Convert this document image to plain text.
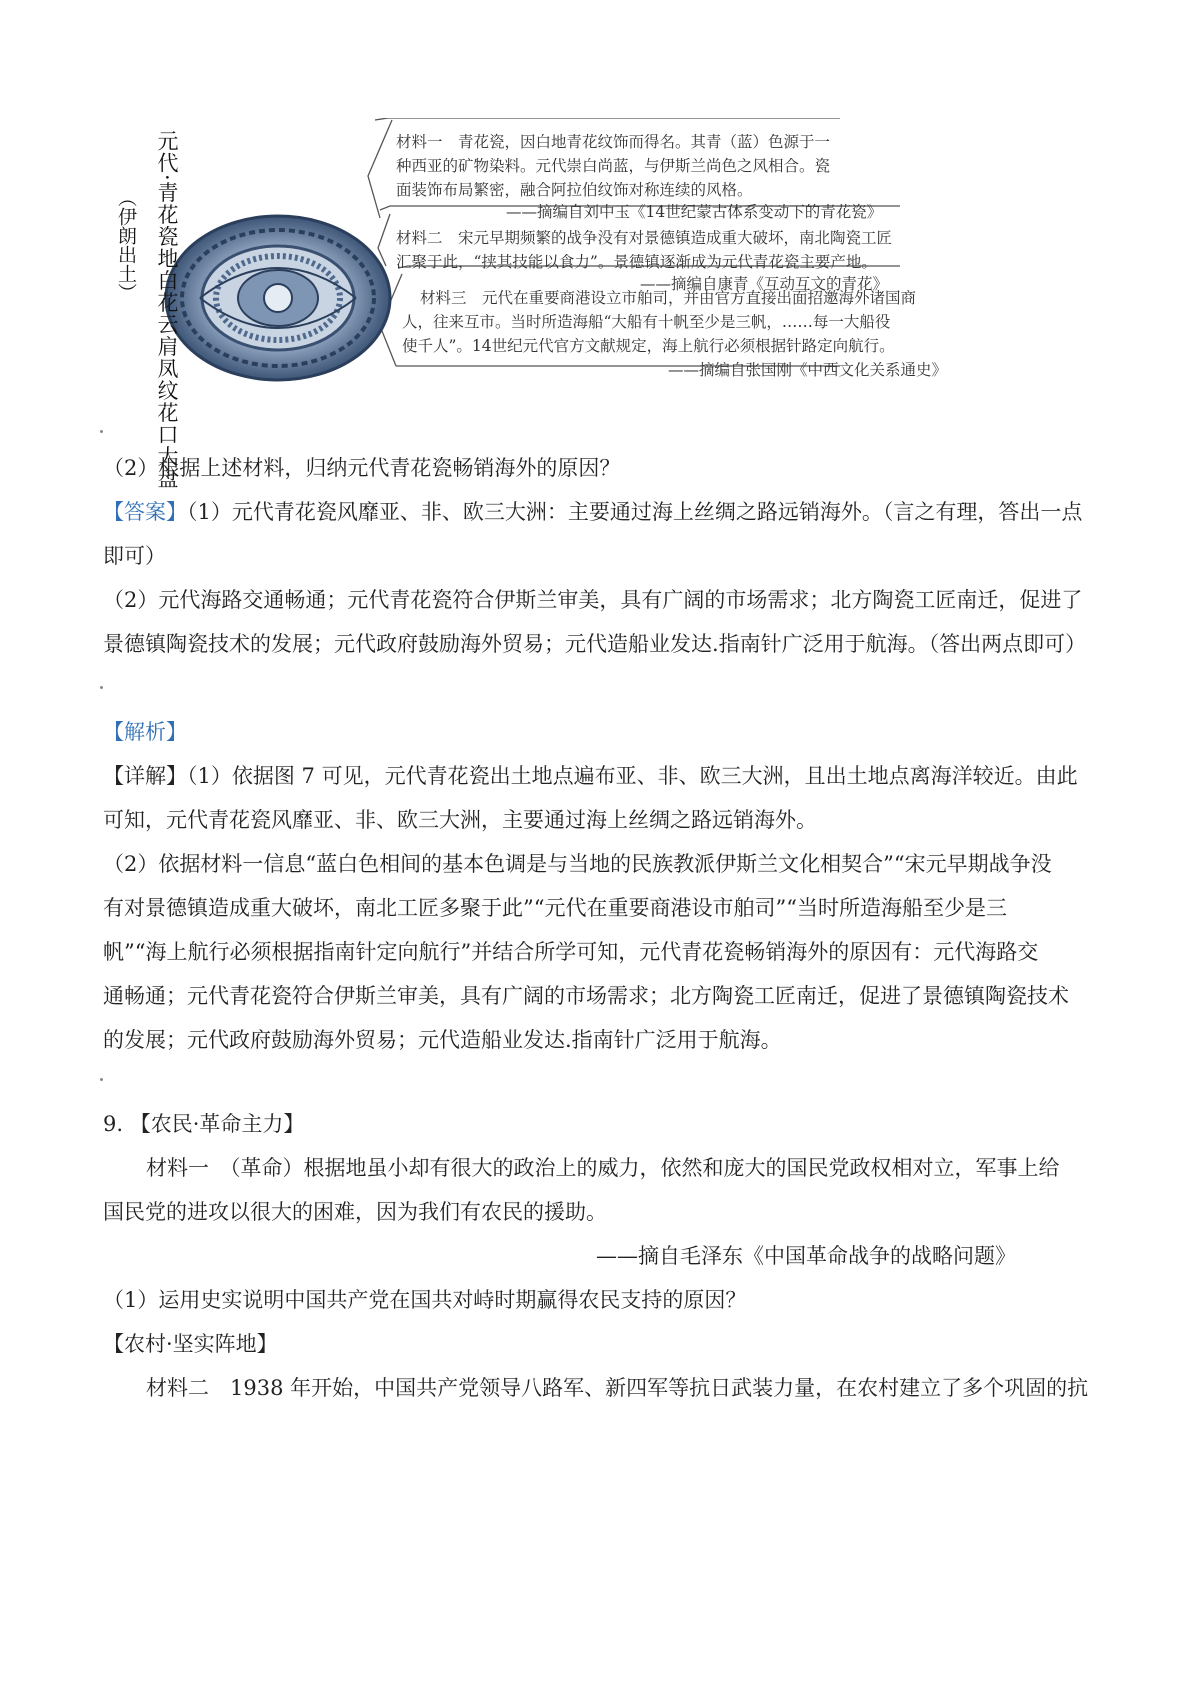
元代·青花瓷地白花云肩凤纹花口大盘
（伊朗出土）
材料一　青花瓷，因白地青花纹饰而得名。其青（蓝）色源于一
种西亚的矿物染料。元代崇白尚蓝，与伊斯兰尚色之风相合。瓷
面装饰布局繁密，融合阿拉伯纹饰对称连续的风格。
——摘编自刘中玉《14世纪蒙古体系变动下的青花瓷》
材料二　宋元早期频繁的战争没有对景德镇造成重大破坏，南北陶瓷工匠
汇聚于此，“挟其技能以食力”。景德镇逐渐成为元代青花瓷主要产地。
——摘编自康青《互动互文的青花》
材料三　元代在重要商港设立市舶司，并由官方直接出面招邀海外诸国商
人，往来互市。当时所造海船“大船有十帆至少是三帆，……每一大船役
使千人”。14世纪元代官方文献规定，海上航行必须根据针路定向航行。
——摘编自张国刚《中西文化关系通史》
（2）根据上述材料，归纳元代青花瓷畅销海外的原因？
【答案】（1）元代青花瓷风靡亚、非、欧三大洲：主要通过海上丝绸之路远销海外。（言之有理，答出一点
即可）
（2）元代海路交通畅通；元代青花瓷符合伊斯兰审美，具有广阔的市场需求；北方陶瓷工匠南迁，促进了
景德镇陶瓷技术的发展；元代政府鼓励海外贸易；元代造船业发达.指南针广泛用于航海。（答出两点即可）
【解析】
【详解】（1）依据图 7 可见，元代青花瓷出土地点遍布亚、非、欧三大洲，且出土地点离海洋较近。由此
可知，元代青花瓷风靡亚、非、欧三大洲，主要通过海上丝绸之路远销海外。
（2）依据材料一信息“蓝白色相间的基本色调是与当地的民族教派伊斯兰文化相契合”“宋元早期战争没
有对景德镇造成重大破坏，南北工匠多聚于此”“元代在重要商港设市舶司”“当时所造海船至少是三
帆”“海上航行必须根据指南针定向航行”并结合所学可知，元代青花瓷畅销海外的原因有：元代海路交
通畅通；元代青花瓷符合伊斯兰审美，具有广阔的市场需求；北方陶瓷工匠南迁，促进了景德镇陶瓷技术
的发展；元代政府鼓励海外贸易；元代造船业发达.指南针广泛用于航海。
9. 【农民·革命主力】
材料一　（革命）根据地虽小却有很大的政治上的威力，依然和庞大的国民党政权相对立，军事上给
国民党的进攻以很大的困难，因为我们有农民的援助。
——摘自毛泽东《中国革命战争的战略问题》
（1）运用史实说明中国共产党在国共对峙时期赢得农民支持的原因？
【农村·坚实阵地】
材料二　1938 年开始，中国共产党领导八路军、新四军等抗日武装力量，在农村建立了多个巩固的抗
